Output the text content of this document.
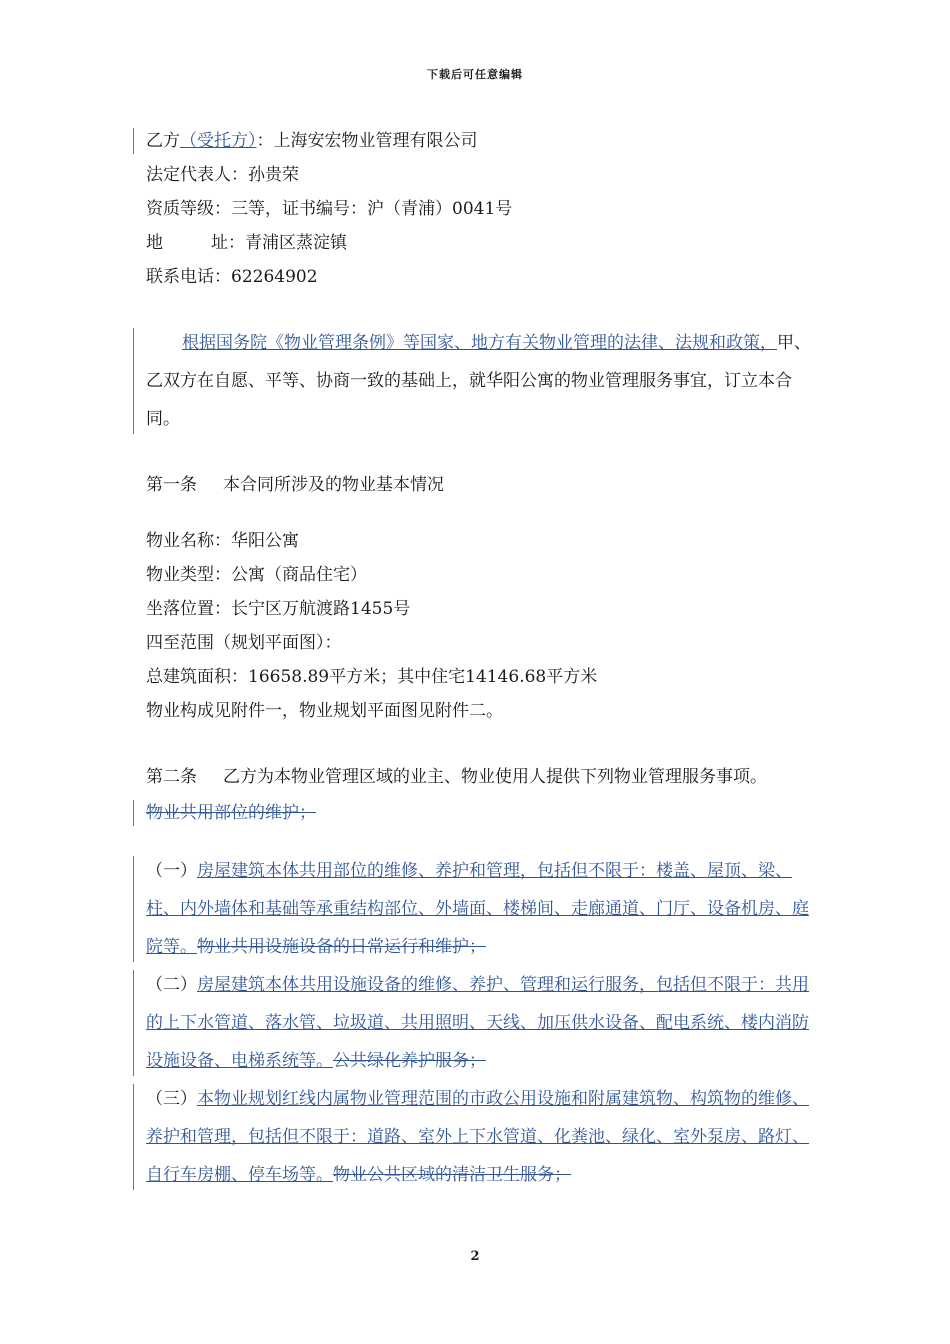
下载后可任意编辑
乙方（受托方）：上海安宏物业管理有限公司
法定代表人：孙贵荣
资质等级：三等，证书编号：沪（青浦）0041号
地	址：青浦区蒸淀镇
联系电话：62264902

根据国务院《物业管理条例》等国家、地方有关物业管理的法律、法规和政策，甲、乙双方在自愿、平等、协商一致的基础上，就华阳公寓的物业管理服务事宜，订立本合同。

第一条 本合同所涉及的物业基本情况
物业名称：华阳公寓
物业类型：公寓（商品住宅）
坐落位置：长宁区万航渡路1455号
四至范围（规划平面图）：
总建筑面积：16658.89平方米；其中住宅14146.68平方米
物业构成见附件一，物业规划平面图见附件二。

第二条 乙方为本物业管理区域的业主、物业使用人提供下列物业管理服务事项。

物业共用部位的维护；

（一）房屋建筑本体共用部位的维修、养护和管理，包括但不限于：楼盖、屋顶、梁、柱、内外墙体和基础等承重结构部位、外墙面、楼梯间、走廊通道、门厅、设备机房、庭院等。物业共用设施设备的日常运行和维护；

（二）房屋建筑本体共用设施设备的维修、养护、管理和运行服务，包括但不限于：共用的上下水管道、落水管、垃圾道、共用照明、天线、加压供水设备、配电系统、楼内消防设施设备、电梯系统等。公共绿化养护服务；

（三）本物业规划红线内属物业管理范围的市政公用设施和附属建筑物、构筑物的维修、养护和管理，包括但不限于：道路、室外上下水管道、化粪池、绿化、室外泵房、路灯、自行车房棚、停车场等。物业公共区域的清洁卫生服务；

2
